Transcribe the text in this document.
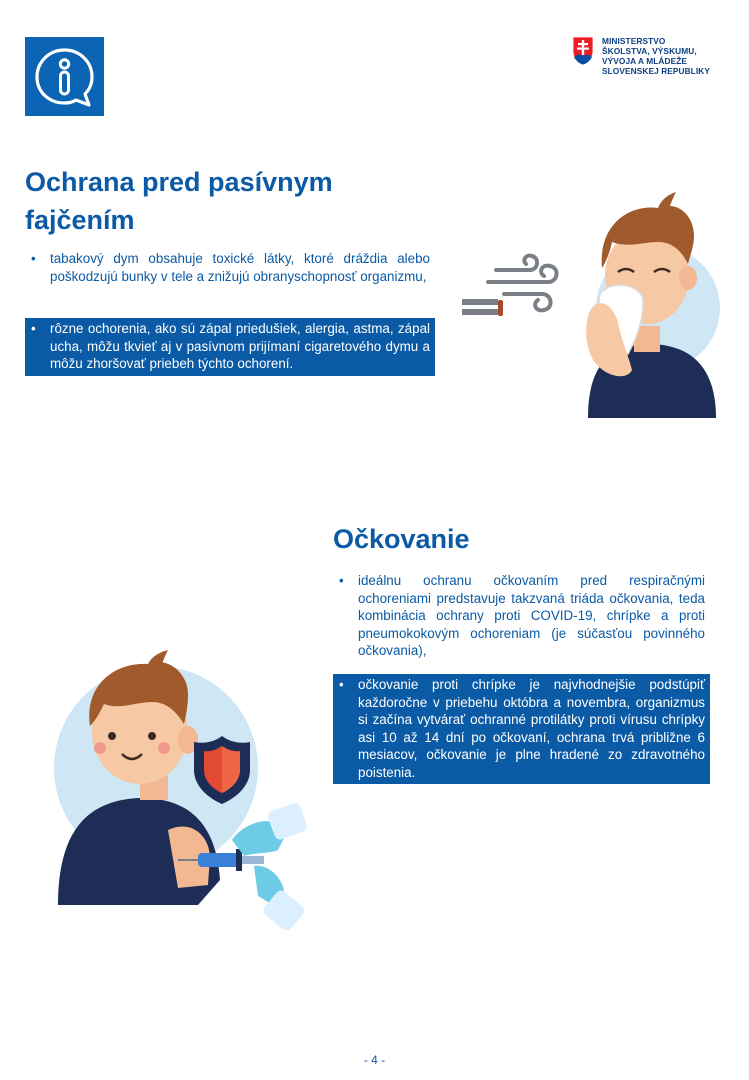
MINISTERSTVO
ŠKOLSTVA, VÝSKUMU,
VÝVOJA A MLÁDEŽE
SLOVENSKEJ REPUBLIKY
Ochrana pred pasívnym
fajčením
•	tabakový dym obsahuje toxické látky, ktoré dráždia alebo poškodzujú bunky v tele a znižujú obranyschopnosť organizmu,
•	rôzne ochorenia, ako sú zápal priedušiek, alergia, astma, zápal ucha, môžu tkvieť aj v pasívnom prijímaní cigaretového dymu a môžu zhoršovať priebeh týchto ochorení.
Očkovanie
•	ideálnu ochranu očkovaním pred respiračnými ochoreniami predstavuje takzvaná triáda očkovania, teda kombinácia ochrany proti COVID-19, chrípke a proti pneumokokovým ochoreniam (je súčasťou povinného očkovania),
•	očkovanie proti chrípke je najvhodnejšie podstúpiť každoročne v priebehu októbra a novembra, organizmus si začína vytvárať ochranné protilátky proti vírusu chrípky asi 10 až 14 dní po očkovaní, ochrana trvá približne 6 mesiacov, očkovanie je plne hradené zo zdravotného poistenia.
- 4 -
